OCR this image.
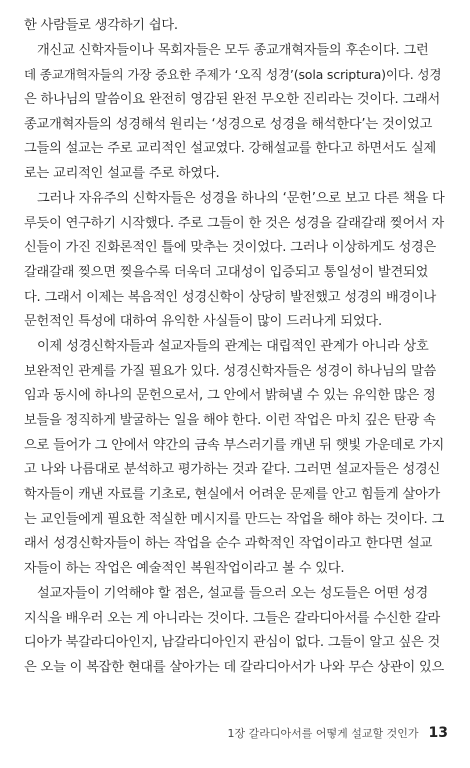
한 사람들로 생각하기 쉽다.
개신교 신학자들이나 목회자들은 모두 종교개혁자들의 후손이다. 그런
데 종교개혁자들의 가장 중요한 주제가 ‘오직 성경’(sola scriptura)이다. 성경
은 하나님의 말씀이요 완전히 영감된 완전 무오한 진리라는 것이다. 그래서
종교개혁자들의 성경해석 원리는 ‘성경으로 성경을 해석한다’는 것이었고
그들의 설교는 주로 교리적인 설교였다. 강해설교를 한다고 하면서도 실제
로는 교리적인 설교를 주로 하였다.
그러나 자유주의 신학자들은 성경을 하나의 ‘문헌’으로 보고 다른 책을 다
루듯이 연구하기 시작했다. 주로 그들이 한 것은 성경을 갈래갈래 찢어서 자
신들이 가진 진화론적인 틀에 맞추는 것이었다. 그러나 이상하게도 성경은
갈래갈래 찢으면 찢을수록 더욱더 고대성이 입증되고 통일성이 발견되었
다. 그래서 이제는 복음적인 성경신학이 상당히 발전했고 성경의 배경이나
문헌적인 특성에 대하여 유익한 사실들이 많이 드러나게 되었다.
이제 성경신학자들과 설교자들의 관계는 대립적인 관계가 아니라 상호
보완적인 관계를 가질 필요가 있다. 성경신학자들은 성경이 하나님의 말씀
임과 동시에 하나의 문헌으로서, 그 안에서 밝혀낼 수 있는 유익한 많은 정
보들을 정직하게 발굴하는 일을 해야 한다. 이런 작업은 마치 깊은 탄광 속
으로 들어가 그 안에서 약간의 금속 부스러기를 캐낸 뒤 햇빛 가운데로 가지
고 나와 나름대로 분석하고 평가하는 것과 같다. 그러면 설교자들은 성경신
학자들이 캐낸 자료를 기초로, 현실에서 어려운 문제를 안고 힘들게 살아가
는 교인들에게 필요한 적실한 메시지를 만드는 작업을 해야 하는 것이다. 그
래서 성경신학자들이 하는 작업을 순수 과학적인 작업이라고 한다면 설교
자들이 하는 작업은 예술적인 복원작업이라고 볼 수 있다.
설교자들이 기억해야 할 점은, 설교를 들으러 오는 성도들은 어떤 성경
지식을 배우러 오는 게 아니라는 것이다. 그들은 갈라디아서를 수신한 갈라
디아가 북갈라디아인지, 남갈라디아인지 관심이 없다. 그들이 알고 싶은 것
은 오늘 이 복잡한 현대를 살아가는 데 갈라디아서가 나와 무슨 상관이 있으
1장 갈라디아서를 어떻게 설교할 것인가 13
